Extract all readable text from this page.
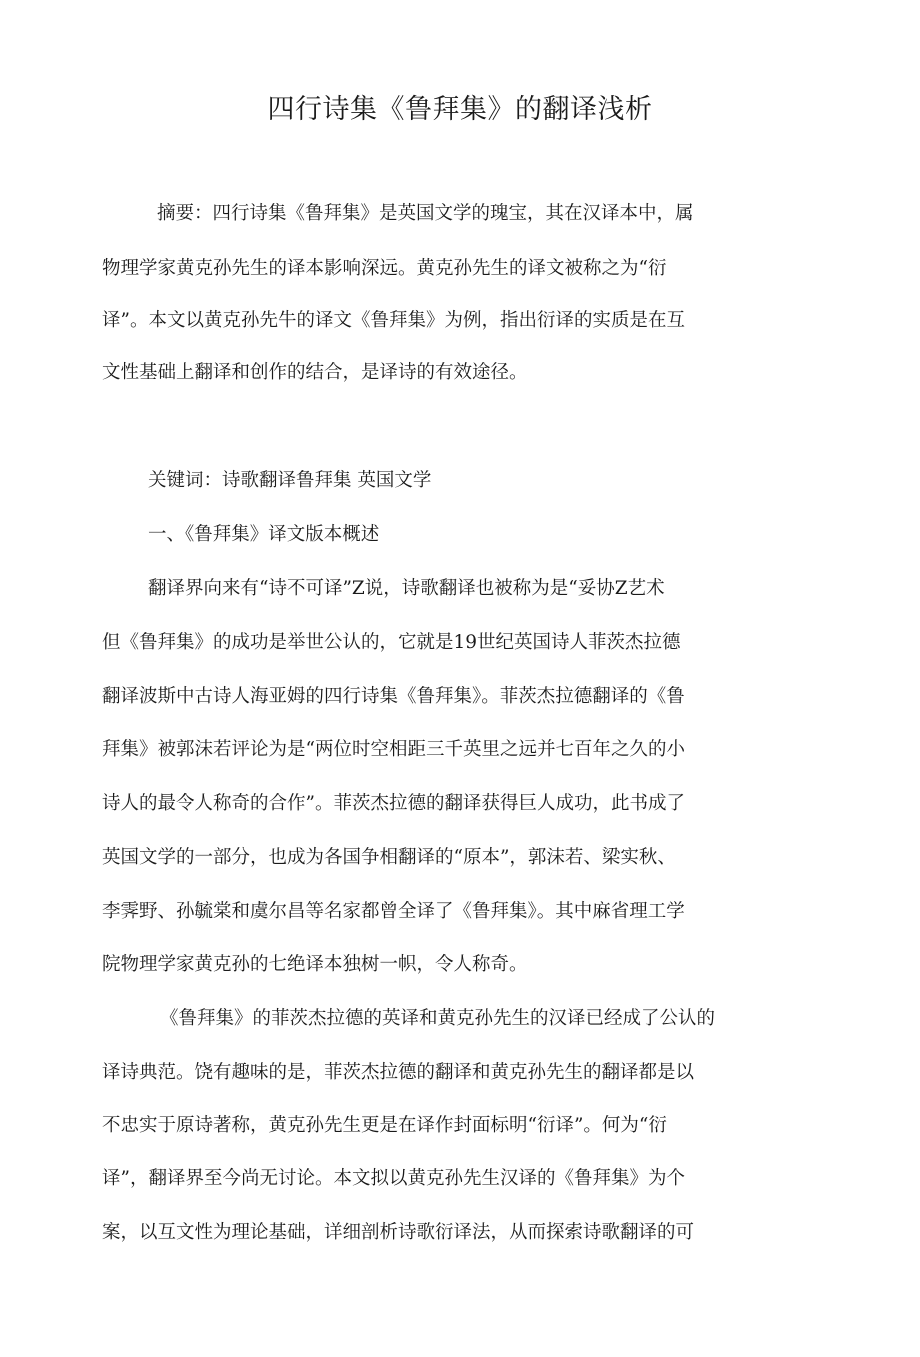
四行诗集《鲁拜集》的翻译浅析

摘要：四行诗集《鲁拜集》是英国文学的瑰宝，其在汉译本中，属

物理学家黄克孙先生的译本影响深远。黄克孙先生的译文被称之为“衍

译”。本文以黄克孙先牛的译文《鲁拜集》为例，指出衍译的实质是在互

文性基础上翻译和创作的结合，是译诗的有效途径。

关键词：诗歌翻译鲁拜集 英国文学

一、《鲁拜集》译文版本概述

翻译界向来有“诗不可译”Z说，诗歌翻译也被称为是“妥协Z艺术

但《鲁拜集》的成功是举世公认的，它就是19世纪英国诗人菲茨杰拉德

翻译波斯中古诗人海亚姆的四行诗集《鲁拜集》。菲茨杰拉德翻译的《鲁

拜集》被郭沫若评论为是“两位时空相距三千英里之远并七百年之久的小

诗人的最令人称奇的合作”。菲茨杰拉德的翻译获得巨人成功，此书成了

英国文学的一部分，也成为各国争相翻译的“原本”，郭沫若、梁实秋、

李霁野、孙毓棠和虞尔昌等名家都曾全译了《鲁拜集》。其中麻省理工学

院物理学家黄克孙的七绝译本独树一帜，令人称奇。

《鲁拜集》的菲茨杰拉德的英译和黄克孙先生的汉译已经成了公认的

译诗典范。饶有趣味的是，菲茨杰拉德的翻译和黄克孙先生的翻译都是以

不忠实于原诗著称，黄克孙先生更是在译作封面标明“衍译”。何为“衍

译”，翻译界至今尚无讨论。本文拟以黄克孙先生汉译的《鲁拜集》为个

案，以互文性为理论基础，详细剖析诗歌衍译法，从而探索诗歌翻译的可
